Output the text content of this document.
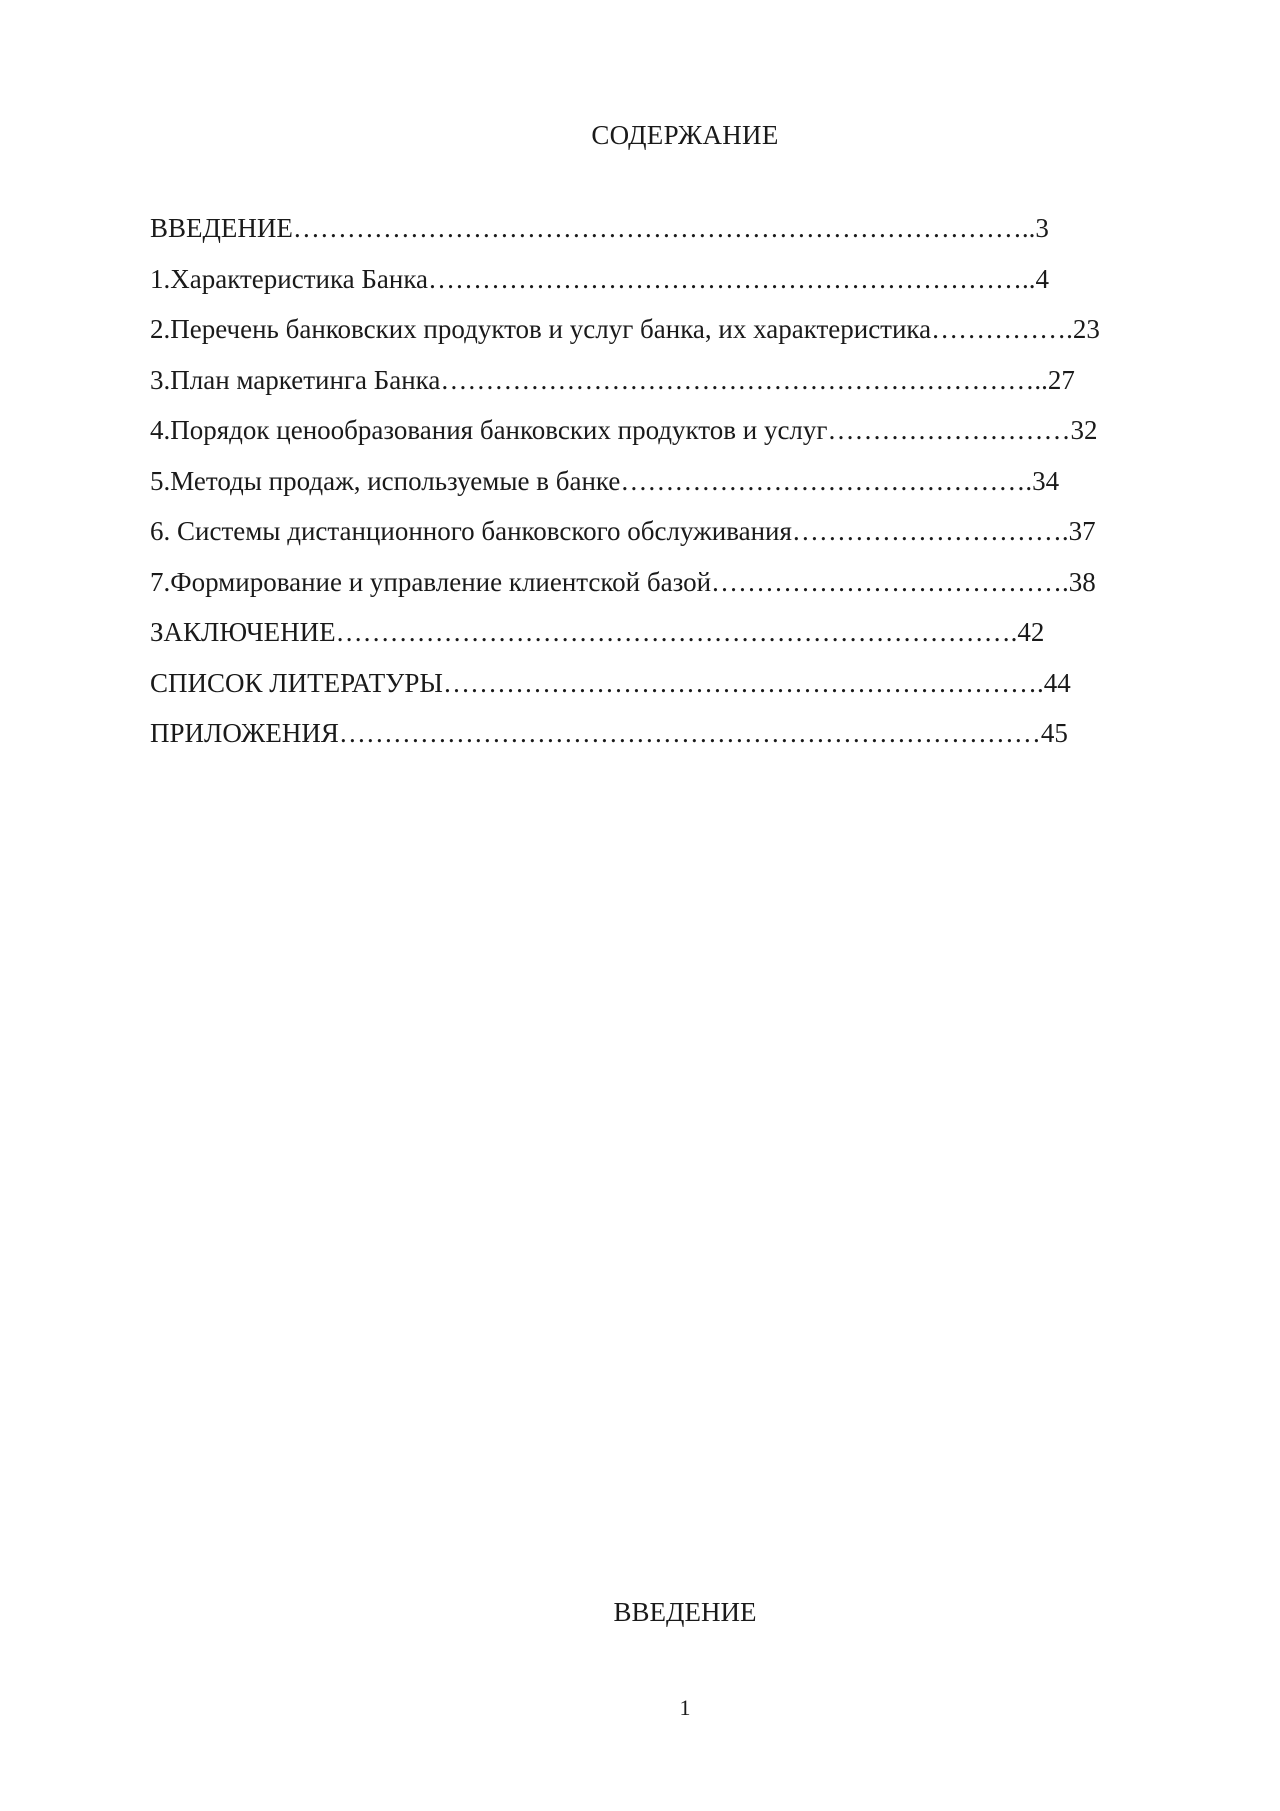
СОДЕРЖАНИЕ
ВВЕДЕНИЕ………………………………………………………………………..3
1.Характеристика Банка…………………………………………………………..4
2.Перечень банковских продуктов и услуг банка, их характеристика…………….23
3.План маркетинга Банка…………………………………………………………..27
4.Порядок ценообразования банковских продуктов и услуг………………………32
5.Методы продаж, используемые в банке……………………………………….34
6. Системы дистанционного банковского обслуживания………………………….37
7.Формирование и управление клиентской базой………………………………….38
ЗАКЛЮЧЕНИЕ………………………………………………………………….42
СПИСОК ЛИТЕРАТУРЫ………………………………………………………….44
ПРИЛОЖЕНИЯ……………………………………………………………………45
ВВЕДЕНИЕ
1
